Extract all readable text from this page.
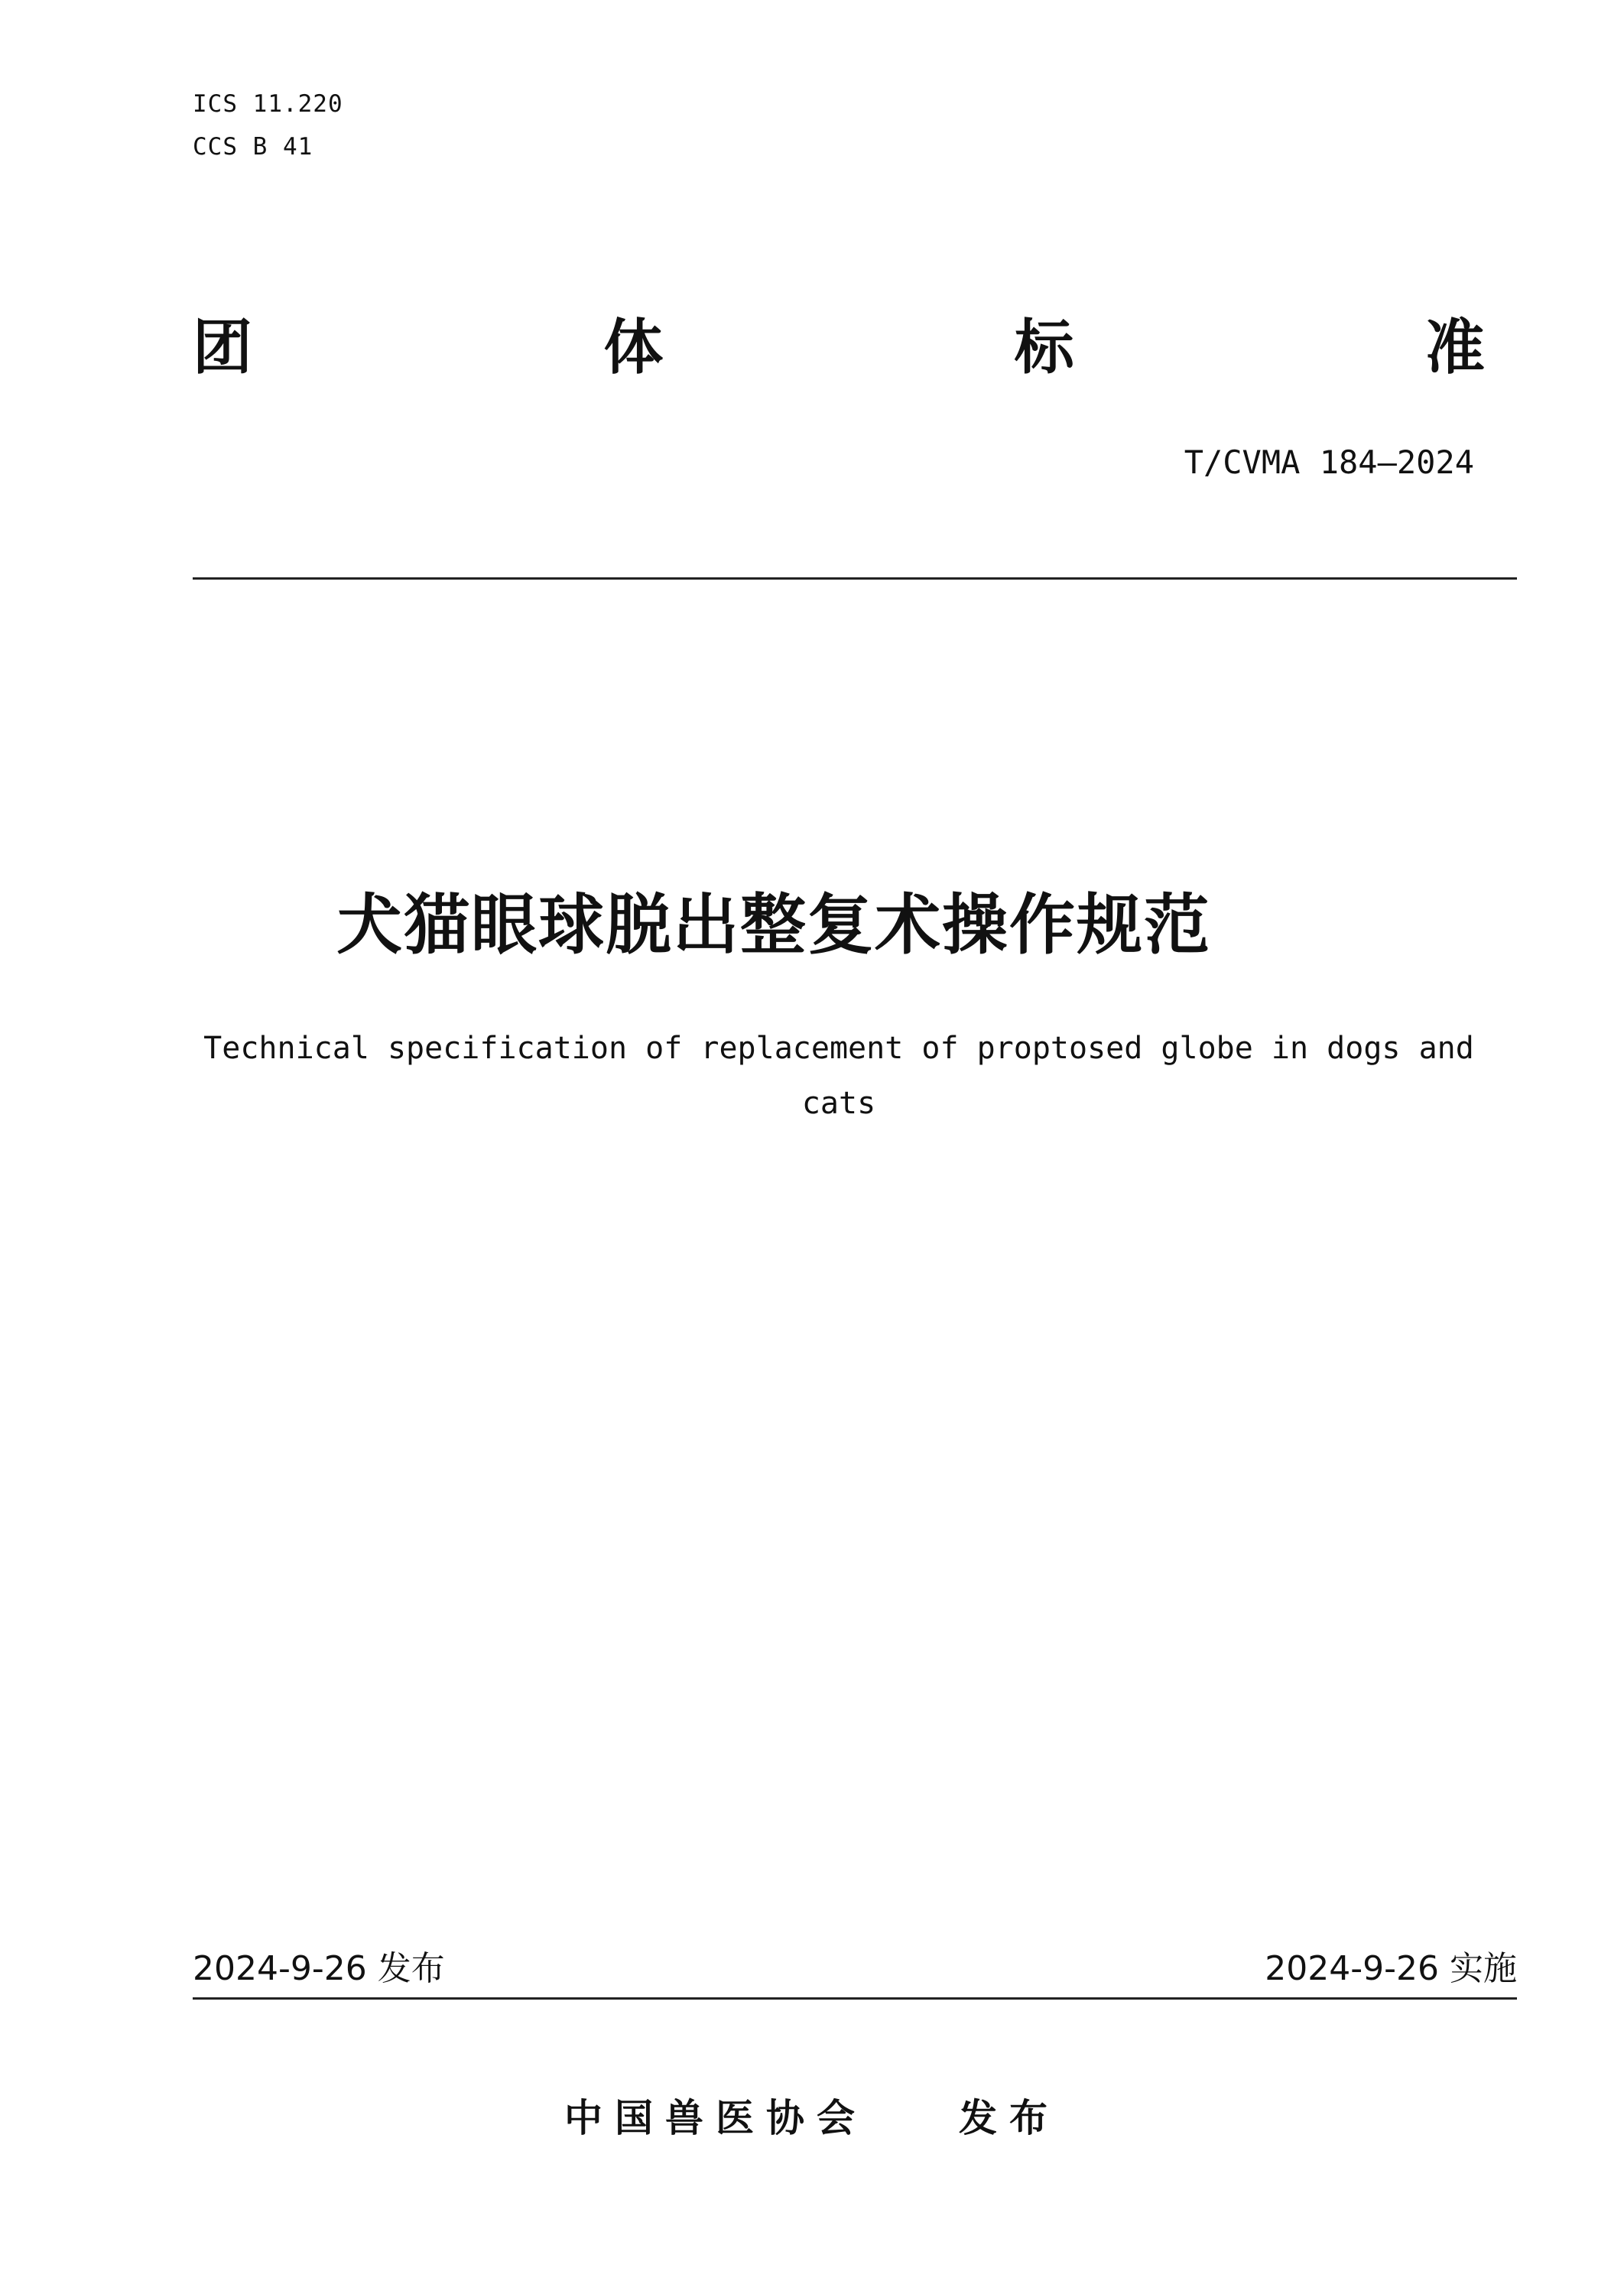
ICS 11.220
CCS B 41
团	体	标	准
T/CVMA 184—2024
犬猫眼球脱出整复术操作规范
Technical specification of replacement of proptosed globe in dogs and cats
2024-9-26 发布	2024-9-26 实施
中国兽医协会 发布
